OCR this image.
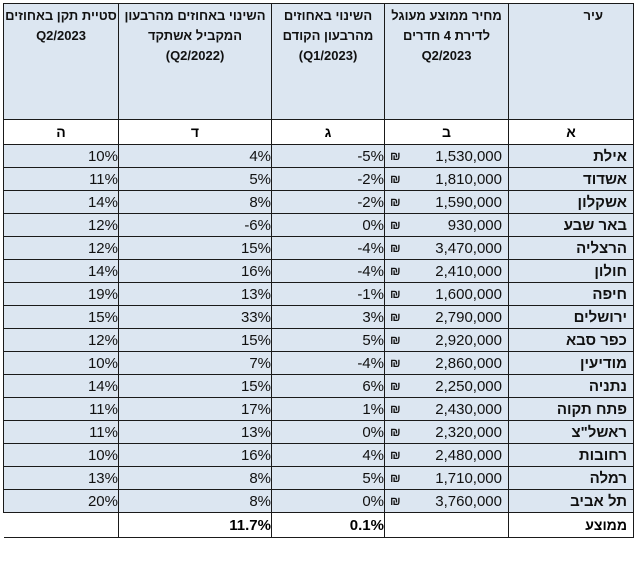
עיר	מחיר ממוצע מעוגל לדירת 4 חדרים Q2/2023	השינוי באחוזים מהרבעון הקודם (Q1/2023)	השינוי באחוזים מהרבעון המקביל אשתקד (Q2/2022)	סטיית תקן באחוזים Q2/2023
א	ב	ג	ד	ה
אילת	₪ 1,530,000	-5%	4%	10%
אשדוד	₪ 1,810,000	-2%	5%	11%
אשקלון	₪ 1,590,000	-2%	8%	14%
באר שבע	₪ 930,000	0%	-6%	12%
הרצליה	₪ 3,470,000	-4%	15%	12%
חולון	₪ 2,410,000	-4%	16%	14%
חיפה	₪ 1,600,000	-1%	13%	19%
ירושלים	₪ 2,790,000	3%	33%	15%
כפר סבא	₪ 2,920,000	5%	15%	12%
מודיעין	₪ 2,860,000	-4%	7%	10%
נתניה	₪ 2,250,000	6%	15%	14%
פתח תקוה	₪ 2,430,000	1%	17%	11%
ראשל"צ	₪ 2,320,000	0%	13%	11%
רחובות	₪ 2,480,000	4%	16%	10%
רמלה	₪ 1,710,000	5%	8%	13%
תל אביב	₪ 3,760,000	0%	8%	20%
ממוצע		0.1%	11.7%	
